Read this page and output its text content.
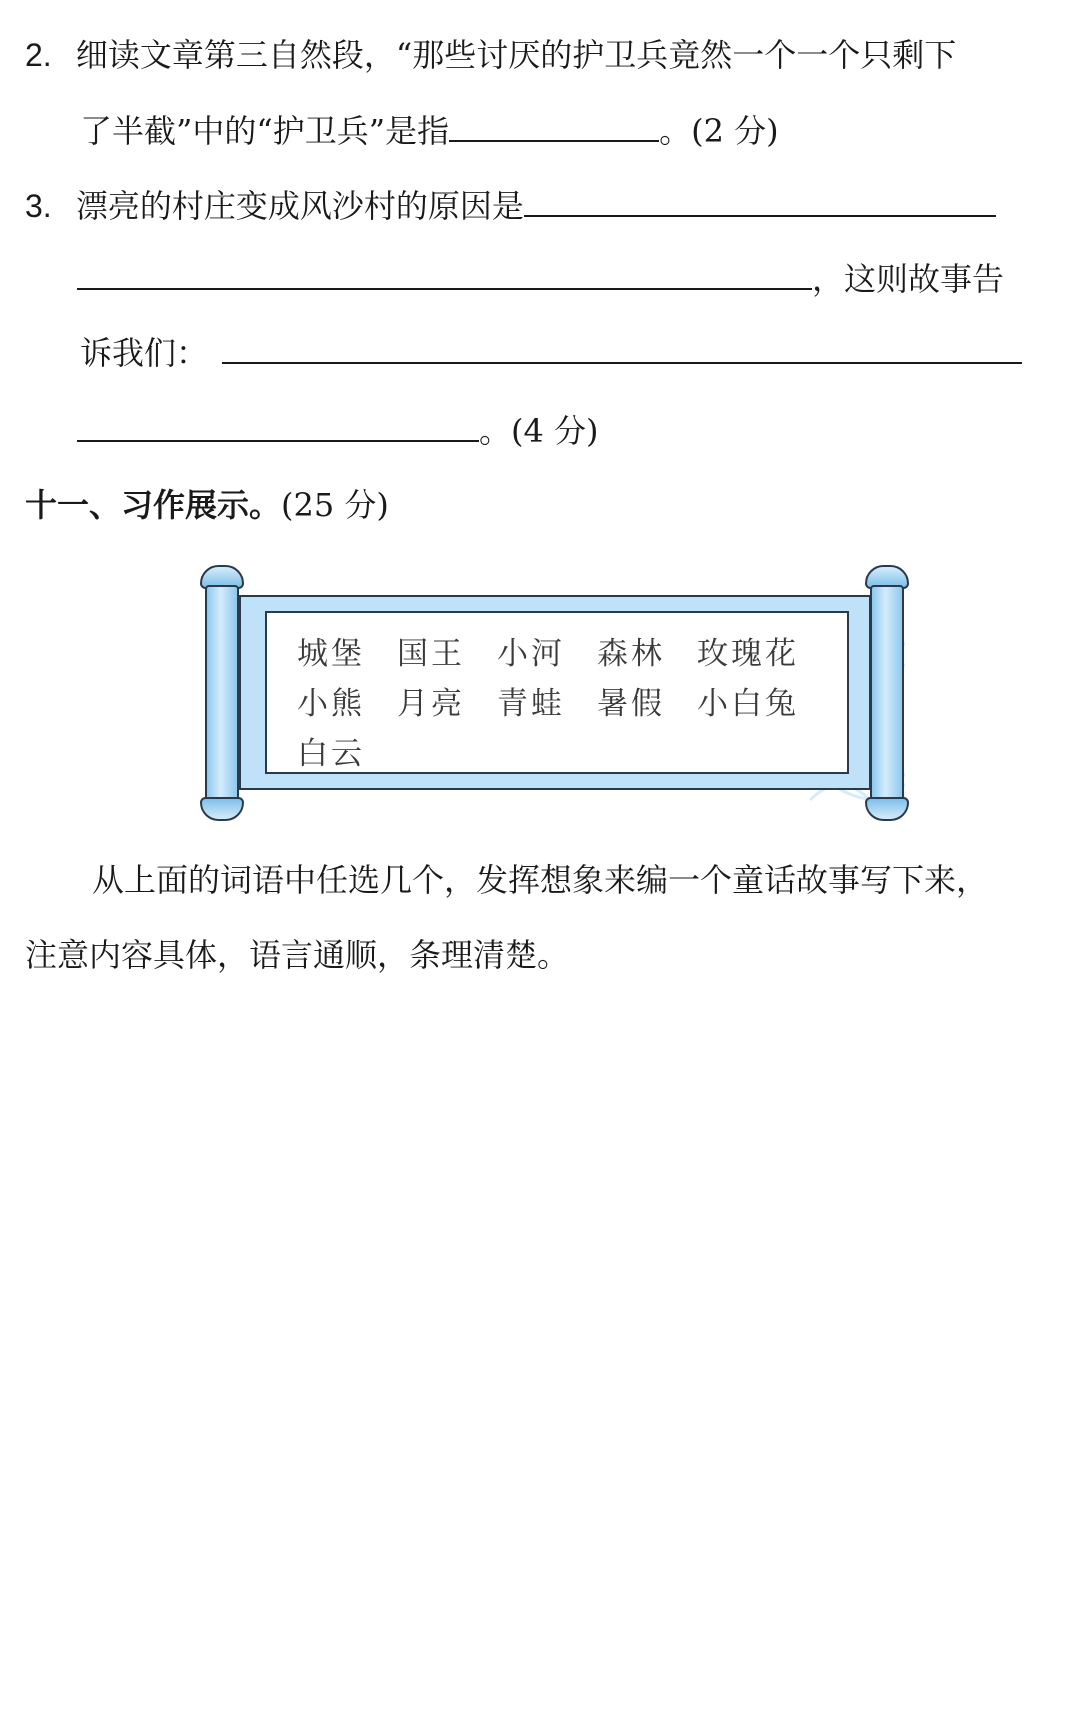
2. 细读文章第三自然段，“那些讨厌的护卫兵竟然一个一个只剩下
了半截”中的“护卫兵”是指	。(2 分)
3. 漂亮的村庄变成风沙村的原因是
，这则故事告
诉我们：
。(4 分)
十一、习作展示。(25 分)
城堡 国王 小河 森林 玫瑰花
小熊 月亮 青蛙 暑假 小白兔
白云
从上面的词语中任选几个，发挥想象来编一个童话故事写下来，
注意内容具体，语言通顺，条理清楚。
